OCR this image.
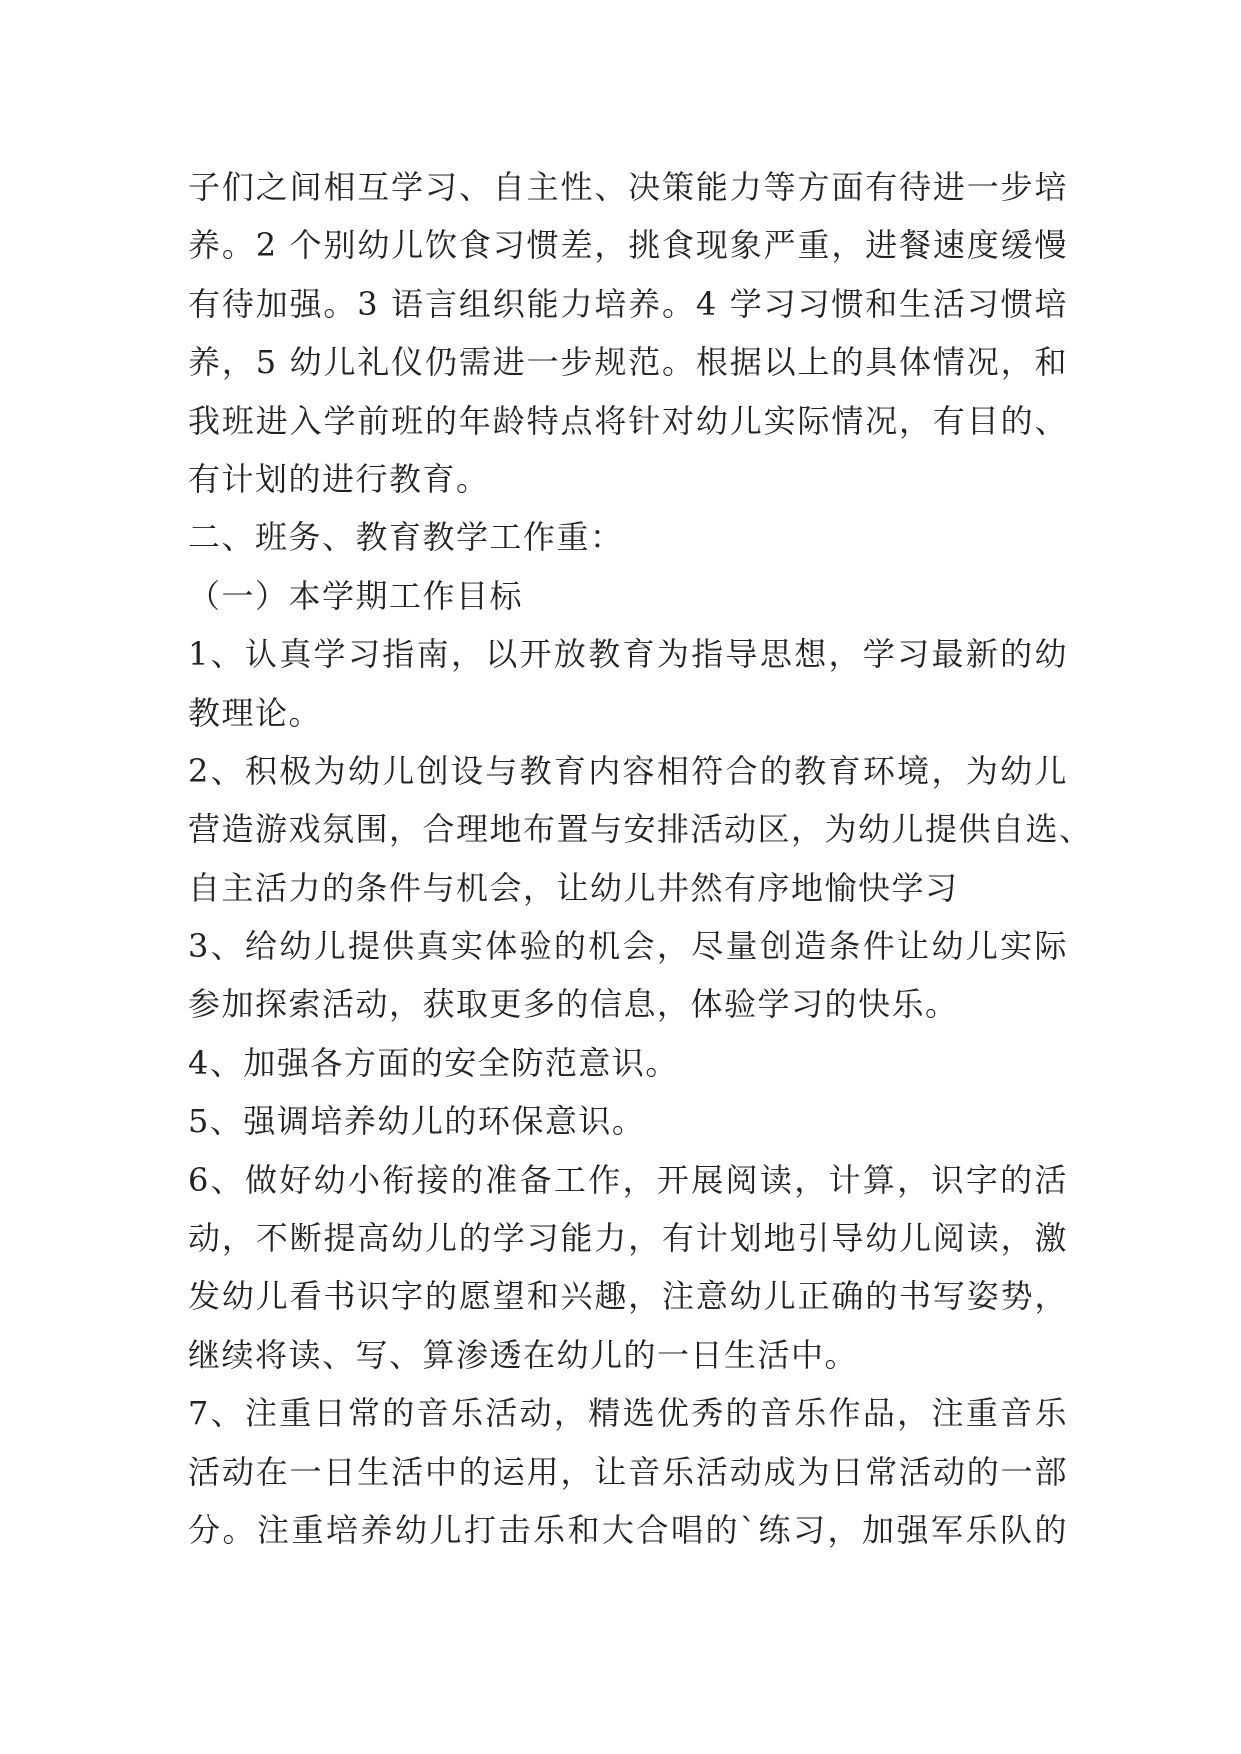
子们之间相互学习、自主性、决策能力等方面有待进一步培
养。2 个别幼儿饮食习惯差，挑食现象严重，进餐速度缓慢
有待加强。3 语言组织能力培养。4 学习习惯和生活习惯培
养，5 幼儿礼仪仍需进一步规范。根据以上的具体情况，和
我班进入学前班的年龄特点将针对幼儿实际情况，有目的、
有计划的进行教育。
二、班务、教育教学工作重：
（一）本学期工作目标
1、认真学习指南，以开放教育为指导思想，学习最新的幼
教理论。
2、积极为幼儿创设与教育内容相符合的教育环境，为幼儿
营造游戏氛围，合理地布置与安排活动区，为幼儿提供自选、
自主活力的条件与机会，让幼儿井然有序地愉快学习
3、给幼儿提供真实体验的机会，尽量创造条件让幼儿实际
参加探索活动，获取更多的信息，体验学习的快乐。
4、加强各方面的安全防范意识。
5、强调培养幼儿的环保意识。
6、做好幼小衔接的准备工作，开展阅读，计算，识字的活
动，不断提高幼儿的学习能力，有计划地引导幼儿阅读，激
发幼儿看书识字的愿望和兴趣，注意幼儿正确的书写姿势，
继续将读、写、算渗透在幼儿的一日生活中。
7、注重日常的音乐活动，精选优秀的音乐作品，注重音乐
活动在一日生活中的运用，让音乐活动成为日常活动的一部
分。注重培养幼儿打击乐和大合唱的`练习，加强军乐队的
